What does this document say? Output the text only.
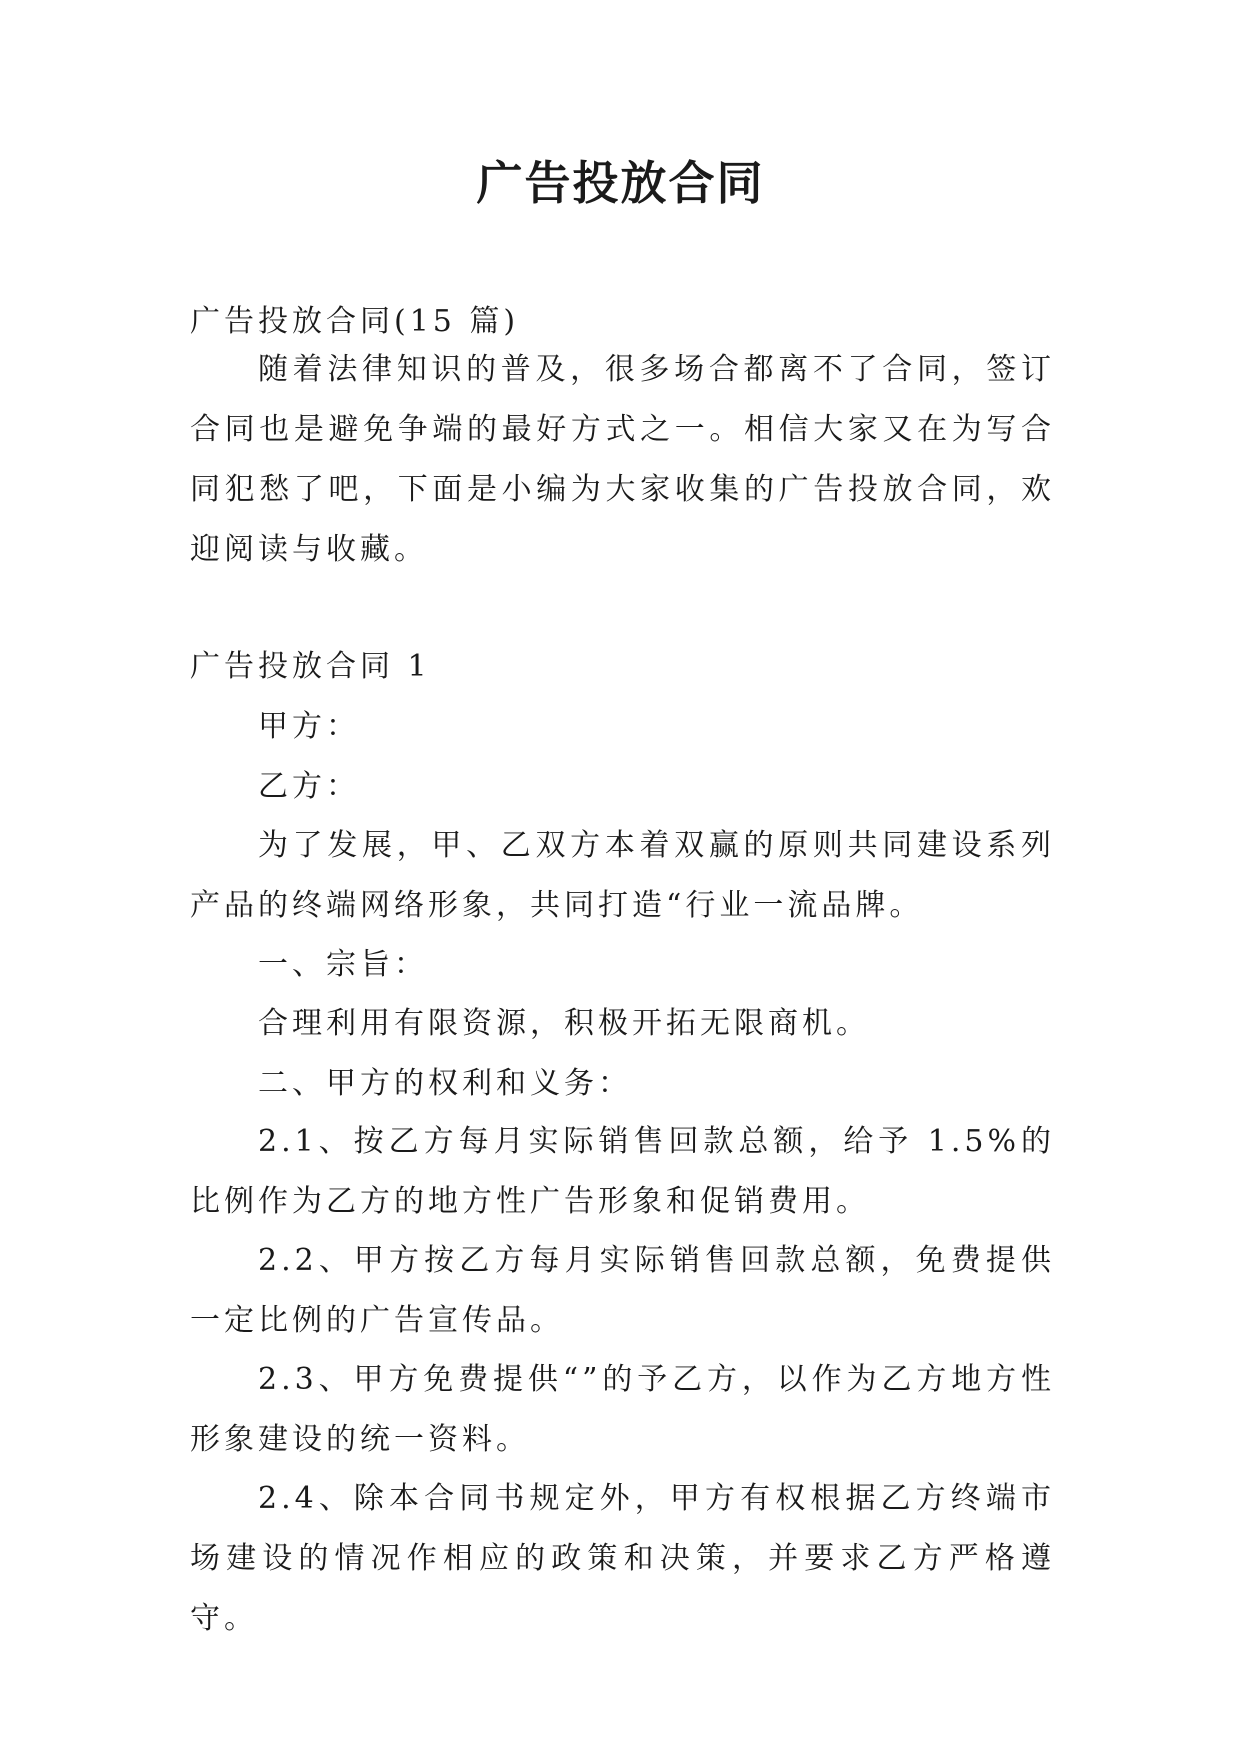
广告投放合同

广告投放合同(15 篇)

随着法律知识的普及，很多场合都离不了合同，签订合同也是避免争端的最好方式之一。相信大家又在为写合同犯愁了吧，下面是小编为大家收集的广告投放合同，欢迎阅读与收藏。

广告投放合同 1

甲方：

乙方：

为了发展，甲、乙双方本着双赢的原则共同建设系列产品的终端网络形象，共同打造“行业一流品牌。

一、宗旨：

合理利用有限资源，积极开拓无限商机。

二、甲方的权利和义务：

2.1、按乙方每月实际销售回款总额，给予 1.5%的比例作为乙方的地方性广告形象和促销费用。

2.2、甲方按乙方每月实际销售回款总额，免费提供一定比例的广告宣传品。

2.3、甲方免费提供“”的予乙方，以作为乙方地方性形象建设的统一资料。

2.4、除本合同书规定外，甲方有权根据乙方终端市场建设的情况作相应的政策和决策，并要求乙方严格遵守。
